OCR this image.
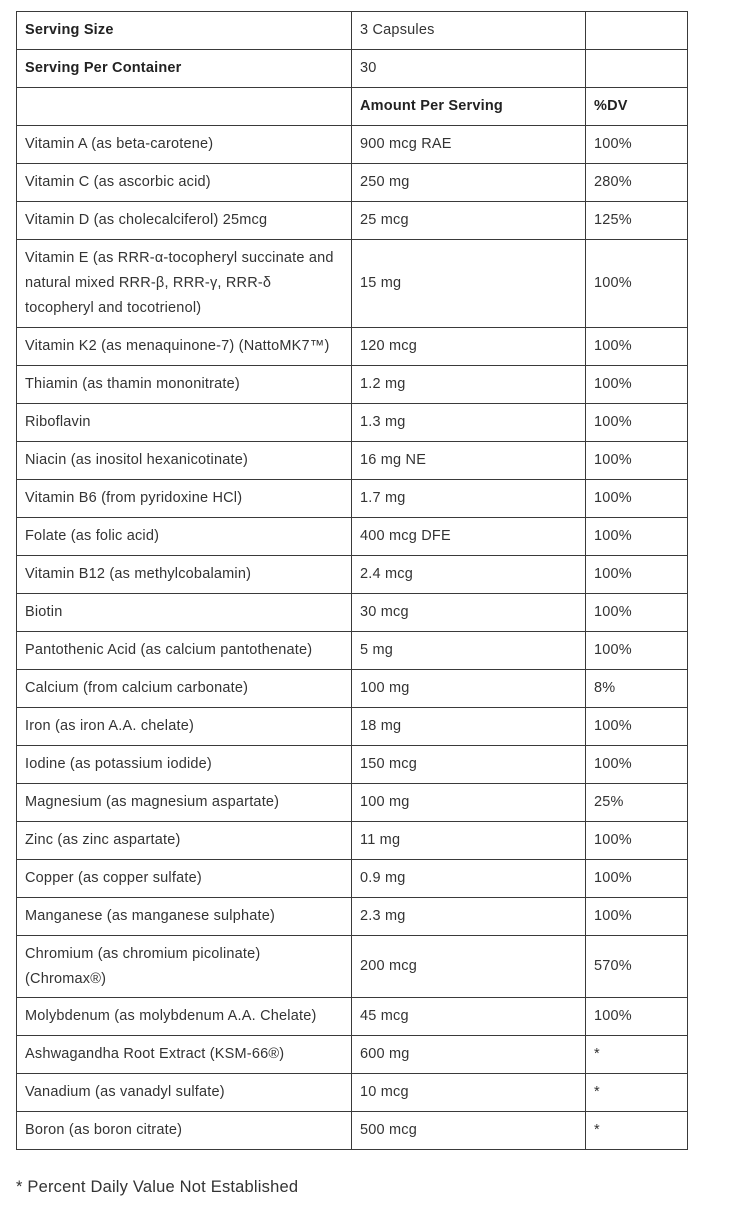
Serving Size	3 Capsules	
Serving Per Container	30	
	Amount Per Serving	%DV
Vitamin A (as beta-carotene)	900 mcg RAE	100%
Vitamin C (as ascorbic acid)	250 mg	280%
Vitamin D (as cholecalciferol) 25mcg	25 mcg	125%
Vitamin E (as RRR-α-tocopheryl succinate and natural mixed RRR-β, RRR-γ, RRR-δ tocopheryl and tocotrienol)	15 mg	100%
Vitamin K2 (as menaquinone-7) (NattoMK7™)	120 mcg	100%
Thiamin (as thamin mononitrate)	1.2 mg	100%
Riboflavin	1.3 mg	100%
Niacin (as inositol hexanicotinate)	16 mg NE	100%
Vitamin B6 (from pyridoxine HCl)	1.7 mg	100%
Folate (as folic acid)	400 mcg DFE	100%
Vitamin B12 (as methylcobalamin)	2.4 mcg	100%
Biotin	30 mcg	100%
Pantothenic Acid (as calcium pantothenate)	5 mg	100%
Calcium (from calcium carbonate)	100 mg	8%
Iron (as iron A.A. chelate)	18 mg	100%
Iodine (as potassium iodide)	150 mcg	100%
Magnesium (as magnesium aspartate)	100 mg	25%
Zinc (as zinc aspartate)	11 mg	100%
Copper (as copper sulfate)	0.9 mg	100%
Manganese (as manganese sulphate)	2.3 mg	100%
Chromium (as chromium picolinate) (Chromax®)	200 mcg	570%
Molybdenum (as molybdenum A.A. Chelate)	45 mcg	100%
Ashwagandha Root Extract (KSM-66®)	600 mg	*
Vanadium (as vanadyl sulfate)	10 mcg	*
Boron (as boron citrate)	500 mcg	*
* Percent Daily Value Not Established
